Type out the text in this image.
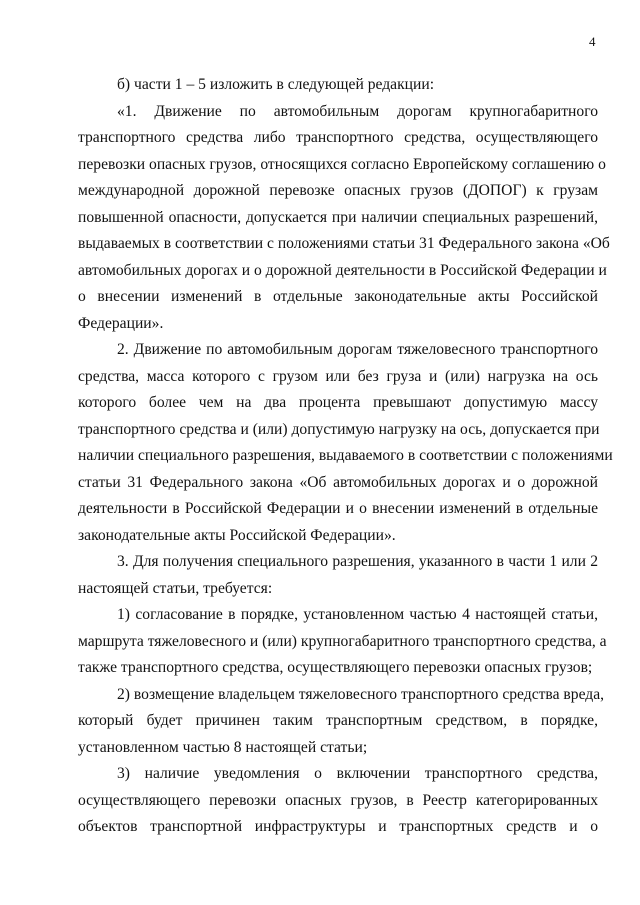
4
б) части 1 – 5 изложить в следующей редакции:
«1. Движение по автомобильным дорогам крупногабаритного
транспортного средства либо транспортного средства, осуществляющего
перевозки опасных грузов, относящихся согласно Европейскому соглашению о
международной дорожной перевозке опасных грузов (ДОПОГ) к грузам
повышенной опасности, допускается при наличии специальных разрешений,
выдаваемых в соответствии с положениями статьи 31 Федерального закона «Об
автомобильных дорогах и о дорожной деятельности в Российской Федерации и
о внесении изменений в отдельные законодательные акты Российской
Федерации».
2. Движение по автомобильным дорогам тяжеловесного транспортного
средства, масса которого с грузом или без груза и (или) нагрузка на ось
которого более чем на два процента превышают допустимую массу
транспортного средства и (или) допустимую нагрузку на ось, допускается при
наличии специального разрешения, выдаваемого в соответствии с положениями
статьи 31 Федерального закона «Об автомобильных дорогах и о дорожной
деятельности в Российской Федерации и о внесении изменений в отдельные
законодательные акты Российской Федерации».
3. Для получения специального разрешения, указанного в части 1 или 2
настоящей статьи, требуется:
1) согласование в порядке, установленном частью 4 настоящей статьи,
маршрута тяжеловесного и (или) крупногабаритного транспортного средства, а
также транспортного средства, осуществляющего перевозки опасных грузов;
2) возмещение владельцем тяжеловесного транспортного средства вреда,
который будет причинен таким транспортным средством, в порядке,
установленном частью 8 настоящей статьи;
3) наличие уведомления о включении транспортного средства,
осуществляющего перевозки опасных грузов, в Реестр категорированных
объектов транспортной инфраструктуры и транспортных средств и о
